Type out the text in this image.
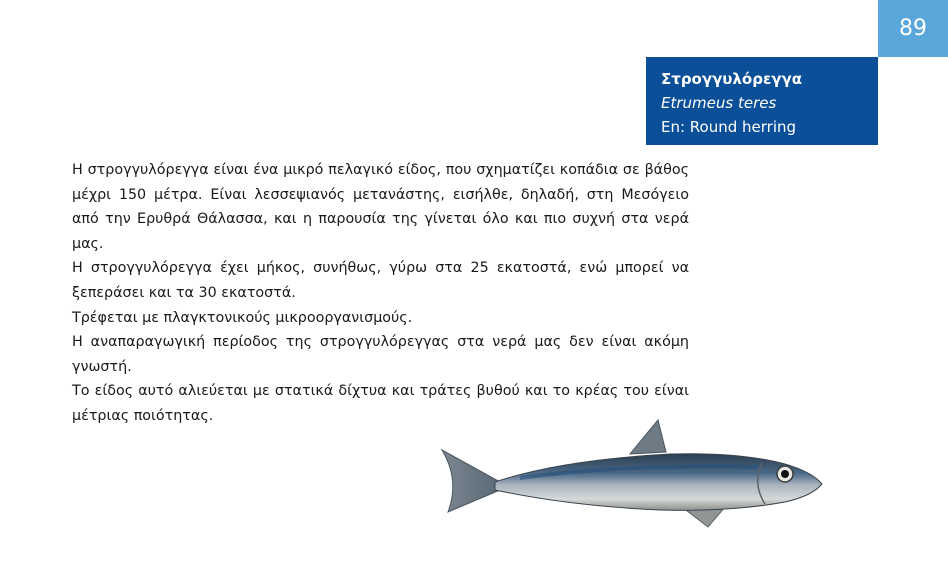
89
Στρογγυλόρεγγα
Etrumeus teres
En: Round herring

Η στρογγυλόρεγγα είναι ένα μικρό πελαγικό είδος, που σχηματίζει κοπάδια σε βάθος μέχρι 150 μέτρα. Είναι λεσσεψιανός μετανάστης, εισήλθε, δηλαδή, στη Μεσόγειο από την Ερυθρά Θάλασσα, και η παρουσία της γίνεται όλο και πιο συχνή στα νερά μας.

Η στρογγυλόρεγγα έχει μήκος, συνήθως, γύρω στα 25 εκατοστά, ενώ μπορεί να ξεπεράσει και τα 30 εκατοστά.

Τρέφεται με πλαγκτονικούς μικροοργανισμούς.

Η αναπαραγωγική περίοδος της στρογγυλόρεγγας στα νερά μας δεν είναι ακόμη γνωστή.

Το είδος αυτό αλιεύεται με στατικά δίχτυα και τράτες βυθού και το κρέας του είναι μέτριας ποιότητας.
